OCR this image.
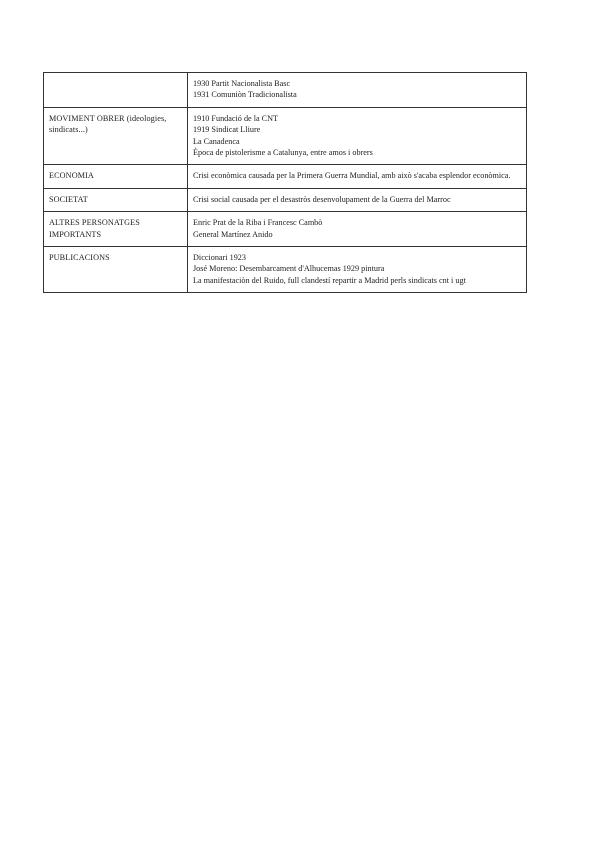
	1930 Partit Nacionalista Basc
1931 Comuniòn Tradicionalista

MOVIMENT OBRER (ideologies, sindicats...)	1910 Fundació de la CNT
1919 Sindicat Lliure
La Canadenca
Època de pistolerisme a Catalunya, entre amos i obrers

ECONOMIA	Crisi econòmica causada per la Primera Guerra Mundial, amb això s'acaba esplendor econòmica.

SOCIETAT	Crisi social causada per el desastròs desenvolupament de la Guerra del Marroc

ALTRES PERSONATGES IMPORTANTS	Enric Prat de la Riba i Francesc Cambò
General Martínez Anido

PUBLICACIONS	Diccionari 1923
José Moreno: Desembarcament d'Alhucemas 1929 pintura
La manifestaciòn del Ruido, full clandestí repartir a Madrid perls sindicats cnt i ugt
